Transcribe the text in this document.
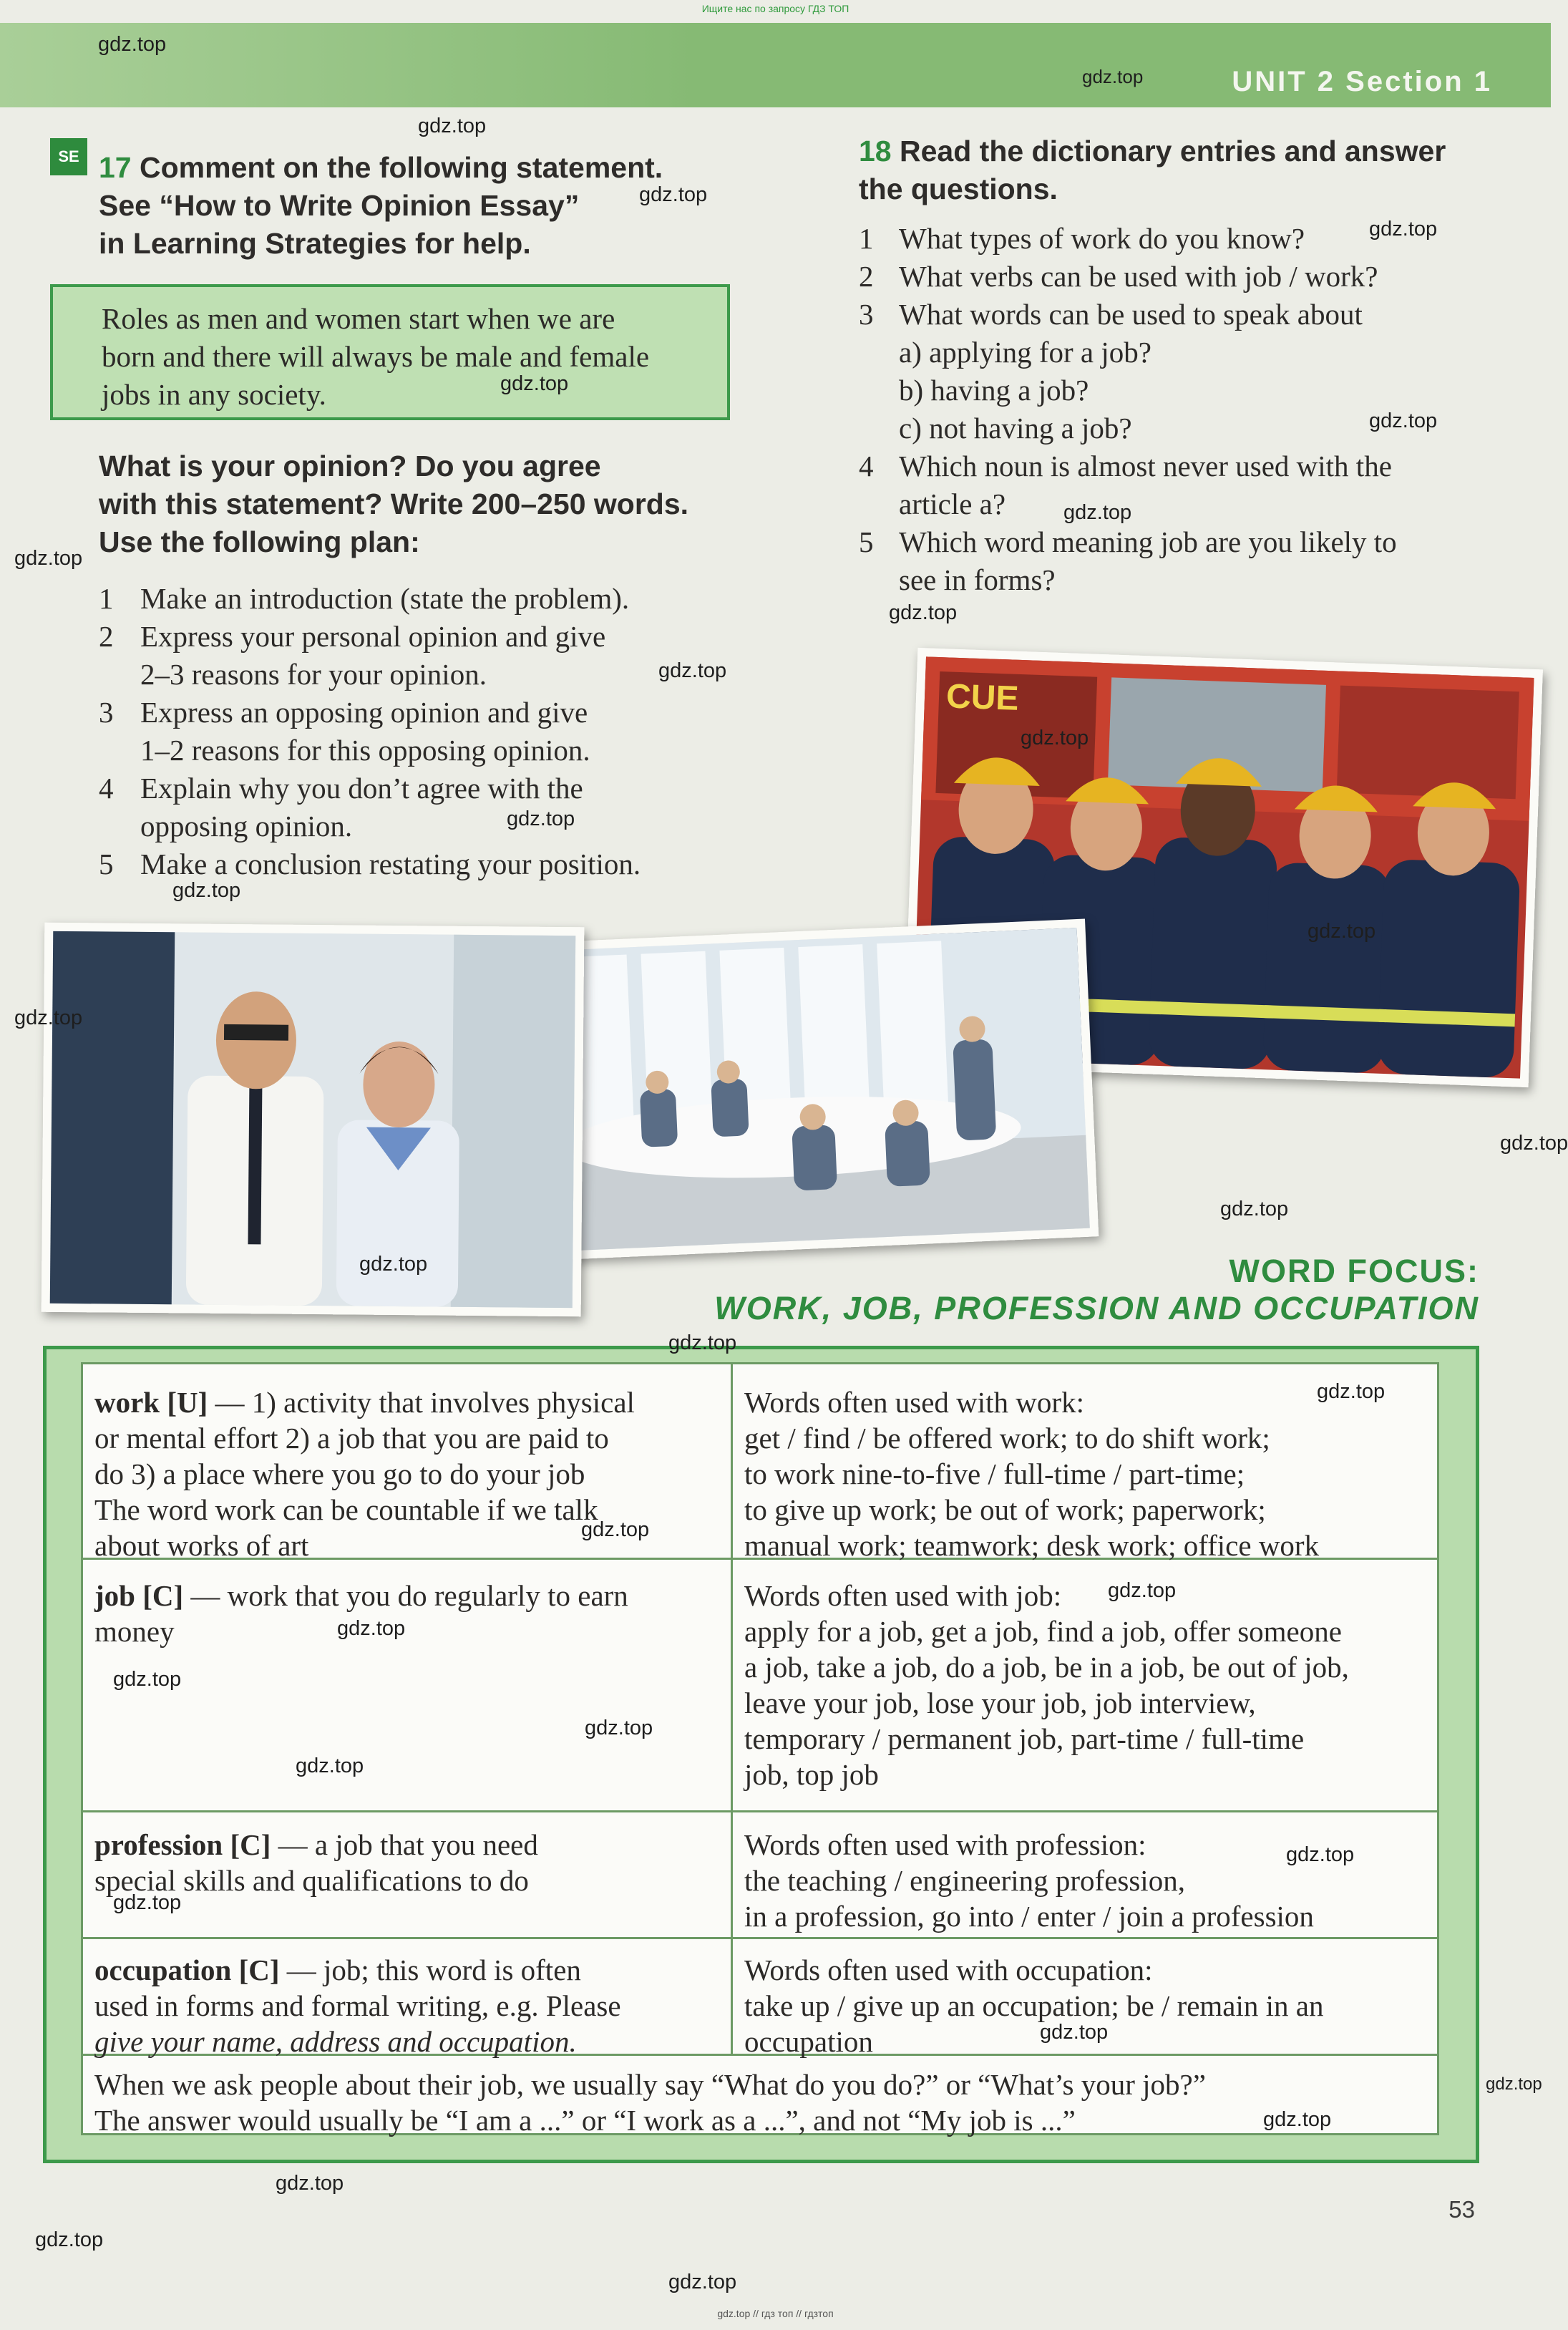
Ищите нас по запросу ГДЗ ТОП
UNIT 2 Section 1
SE 17 Comment on the following statement.
See “How to Write Opinion Essay”
in Learning Strategies for help.
Roles as men and women start when we are
born and there will always be male and female
jobs in any society.
What is your opinion? Do you agree
with this statement? Write 200–250 words.
Use the following plan:
1 Make an introduction (state the problem).
2 Express your personal opinion and give
2–3 reasons for your opinion.
3 Express an opposing opinion and give
1–2 reasons for this opposing opinion.
4 Explain why you don’t agree with the
opposing opinion.
5 Make a conclusion restating your position.
18 Read the dictionary entries and answer
the questions.
1 What types of work do you know?
2 What verbs can be used with job / work?
3 What words can be used to speak about
a) applying for a job?
b) having a job?
c) not having a job?
4 Which noun is almost never used with the
article a?
5 Which word meaning job are you likely to
see in forms?
CUE
WORD FOCUS:
WORK, JOB, PROFESSION AND OCCUPATION
work [U] — 1) activity that involves physical
or mental effort 2) a job that you are paid to
do 3) a place where you go to do your job
The word work can be countable if we talk
about works of art
Words often used with work:
get / find / be offered work; to do shift work;
to work nine-to-five / full-time / part-time;
to give up work; be out of work; paperwork;
manual work; teamwork; desk work; office work
job [C] — work that you do regularly to earn
money
Words often used with job:
apply for a job, get a job, find a job, offer someone
a job, take a job, do a job, be in a job, be out of job,
leave your job, lose your job, job interview,
temporary / permanent job, part-time / full-time
job, top job
profession [C] — a job that you need
special skills and qualifications to do
Words often used with profession:
the teaching / engineering profession,
in a profession, go into / enter / join a profession
occupation [C] — job; this word is often
used in forms and formal writing, e.g. Please
give your name, address and occupation.
Words often used with occupation:
take up / give up an occupation; be / remain in an
occupation
When we ask people about their job, we usually say “What do you do?” or “What’s your job?”
The answer would usually be “I am a ...” or “I work as a ...”, and not “My job is ...”
gdz.top
gdz.top
gdz.top
gdz.top
gdz.top
gdz.top
gdz.top
gdz.top
gdz.top
gdz.top
gdz.top
gdz.top
gdz.top
gdz.top
gdz.top
gdz.top
gdz.top
gdz.top
gdz.top
gdz.top
gdz.top
gdz.top
gdz.top
gdz.top
gdz.top
gdz.top
gdz.top
gdz.top
gdz.top
gdz.top
gdz.top
gdz.top
gdz.top
gdz.top
gdz.top
53
gdz.top // гдз топ // гдзтоп
